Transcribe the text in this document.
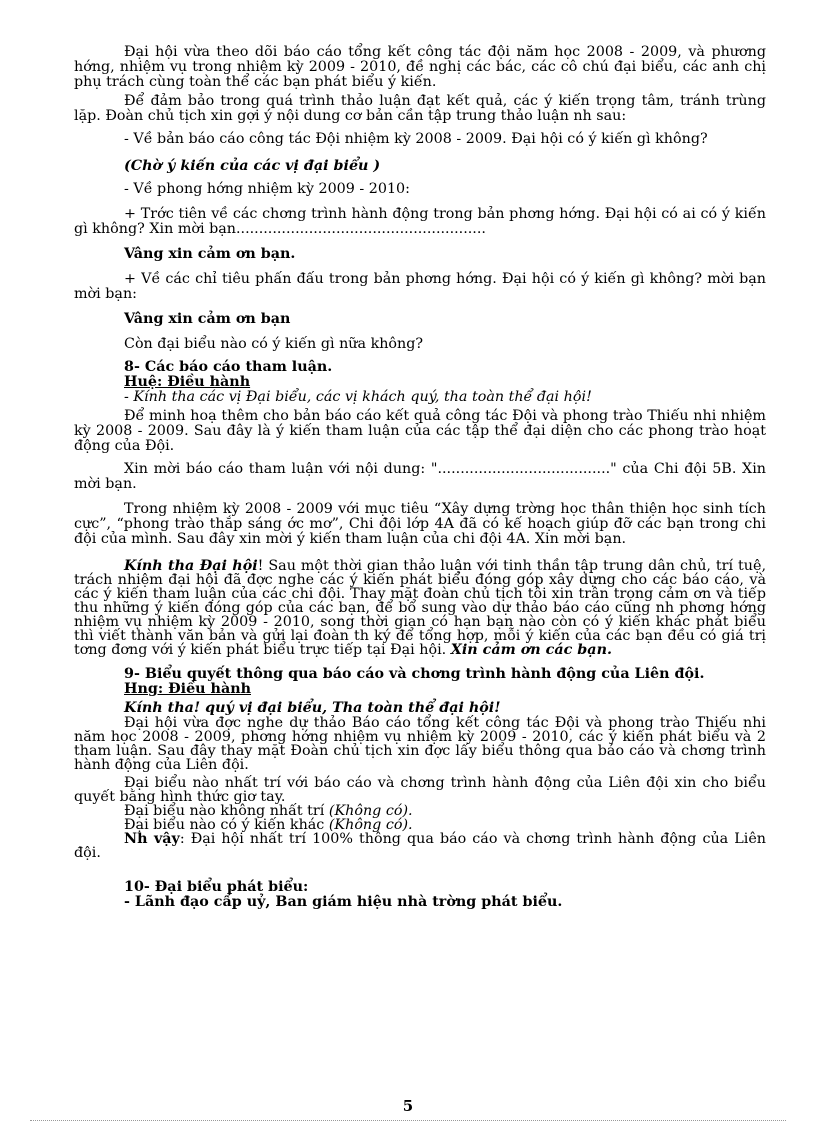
Đại hội vừa theo dõi báo cáo tổng kết công tác đội năm học 2008 - 2009, và phương hớng, nhiệm vụ trong nhiệm kỳ 2009 - 2010, đề nghị các bác, các cô chú đại biểu, các anh chị phụ trách cùng toàn thể các bạn phát biểu ý kiến.

Để đảm bảo trong quá trình thảo luận đạt kết quả, các ý kiến trọng tâm, tránh trùng lặp. Đoàn chủ tịch xin gợi ý nội dung cơ bản cần tập trung thảo luận nh sau:

- Về bản báo cáo công tác Đội nhiệm kỳ 2008 - 2009. Đại hội có ý kiến gì không?

(Chờ ý kiến của các vị đại biểu )

- Về phong hớng nhiệm kỳ 2009 - 2010:

+ Trớc tiên về các chơng trình hành động trong bản phơng hớng. Đại hội có ai có ý kiến gì không? Xin mời bạn.......................................................

Vâng xin cảm ơn bạn.

+ Về các chỉ tiêu phấn đấu trong bản phơng hớng. Đại hội có ý kiến gì không? mời bạn mời bạn:

Vâng xin cảm ơn bạn

Còn đại biểu nào có ý kiến gì nữa không?

8- Các báo cáo tham luận.

Huệ: Điều hành

- Kính tha các vị Đại biểu, các vị khách quý, tha toàn thể đại hội!

Để minh hoạ thêm cho bản báo cáo kết quả công tác Đội và phong trào Thiếu nhi nhiệm kỳ 2008 - 2009. Sau đây là ý kiến tham luận của các tập thể đại diện cho các phong trào hoạt động của Đội.

Xin mời báo cáo tham luận với nội dung: "......................................" của Chi đội 5B. Xin mời bạn.

Trong nhiệm kỳ 2008 - 2009 với mục tiêu “Xây dựng trờng học thân thiện học sinh tích cực”, “phong trào thắp sáng ớc mơ”, Chi đội lớp 4A đã có kế hoạch giúp đỡ các bạn trong chi đội của mình. Sau đây xin mời ý kiến tham luận của chi đội 4A. Xin mời bạn.

Kính tha Đại hội! Sau một thời gian thảo luận với tinh thần tập trung dân chủ, trí tuệ, trách nhiệm đại hội đã đợc nghe các ý kiến phát biểu đóng góp xây dựng cho các báo cáo, và các ý kiến tham luận của các chi đội. Thay mặt đoàn chủ tịch tôi xin trân trọng cảm ơn và tiếp thu những ý kiến đóng góp của các bạn, để bổ sung vào dự thảo báo cáo cũng nh phơng hớng nhiệm vụ nhiệm kỳ 2009 - 2010, song thời gian có hạn bạn nào còn có ý kiến khác phát biểu thì viết thành văn bản và gửi lại đoàn th ký để tổng hợp, mỗi ý kiến của các bạn đều có giá trị tơng đơng với ý kiến phát biểu trực tiếp tại Đại hội. Xin cảm ơn các bạn.

9- Biểu quyết thông qua báo cáo và chơng trình hành động của Liên đội.

Hng: Điều hành

Kính tha! quý vị đại biểu, Tha toàn thể đại hội!

Đại hội vừa đợc nghe dự thảo Báo cáo tổng kết công tác Đội và phong trào Thiếu nhi năm học 2008 - 2009, phơng hớng nhiệm vụ nhiệm kỳ 2009 - 2010, các ý kiến phát biểu và 2 tham luận. Sau đây thay mặt Đoàn chủ tịch xin đợc lấy biểu thông qua báo cáo và chơng trình hành động của Liên đội.

Đại biểu nào nhất trí với báo cáo và chơng trình hành động của Liên đội xin cho biểu quyết bằng hình thức giơ tay.

Đại biểu nào không nhất trí (Không có).

Đại biểu nào có ý kiến khác (Không có).

Nh vậy: Đại hội nhất trí 100% thông qua báo cáo và chơng trình hành động của Liên đội.

10- Đại biểu phát biểu:

- Lãnh đạo cấp uỷ, Ban giám hiệu nhà trờng phát biểu.

5
